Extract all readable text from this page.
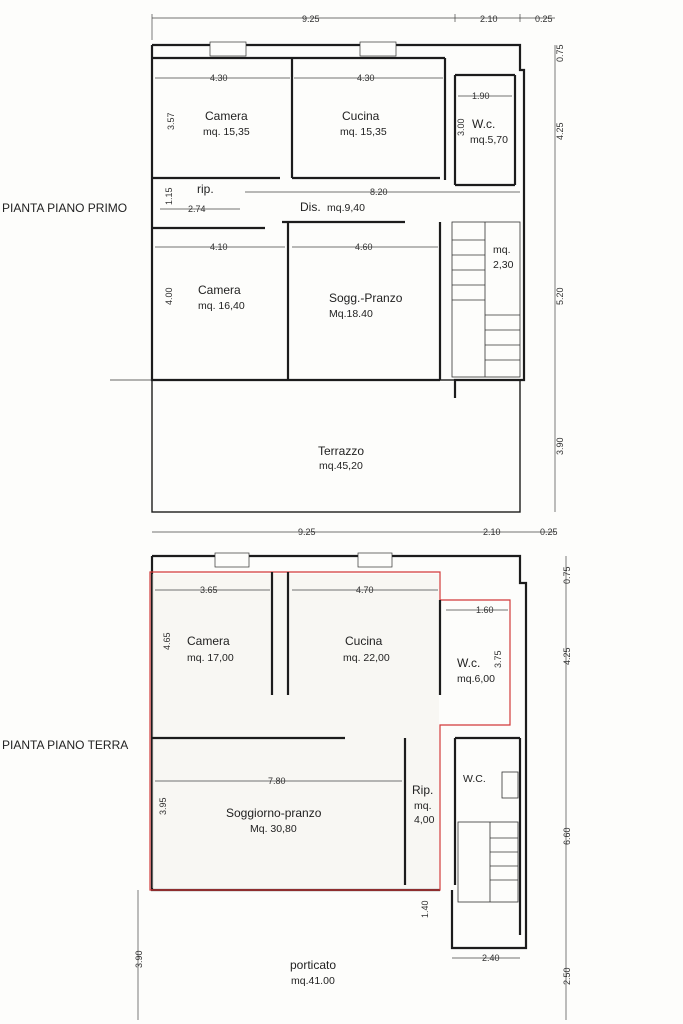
9.25	2.10	0.25
0.75
4.25
5.20
3.90
4.30	4.30
1.90
3.57	3.00
1.15
2.74
8.20
4.10	4.60
4.00
Camera
mq. 15,35
Cucina
mq. 15,35
W.c.
mq.5,70
rip.
Dis. mq.9,40
mq.
2,30
Camera
mq. 16,40
Sogg.-Pranzo
Mq.18.40
Terrazzo
mq.45,20
PIANTA PIANO PRIMO
9.25	2.10	0.25
0.75
4.25
6.60
2.50
3.65	4.70
1.60
4.65
3.75
7.80
3.95
1.40
2.40
3.90
Camera
mq. 17,00
Cucina
mq. 22,00	W.c.
mq.6,00
W.C.
Soggiorno-pranzo
Mq. 30,80
Rip.
mq. 4,00
porticato
mq.41.00
PIANTA PIANO TERRA
